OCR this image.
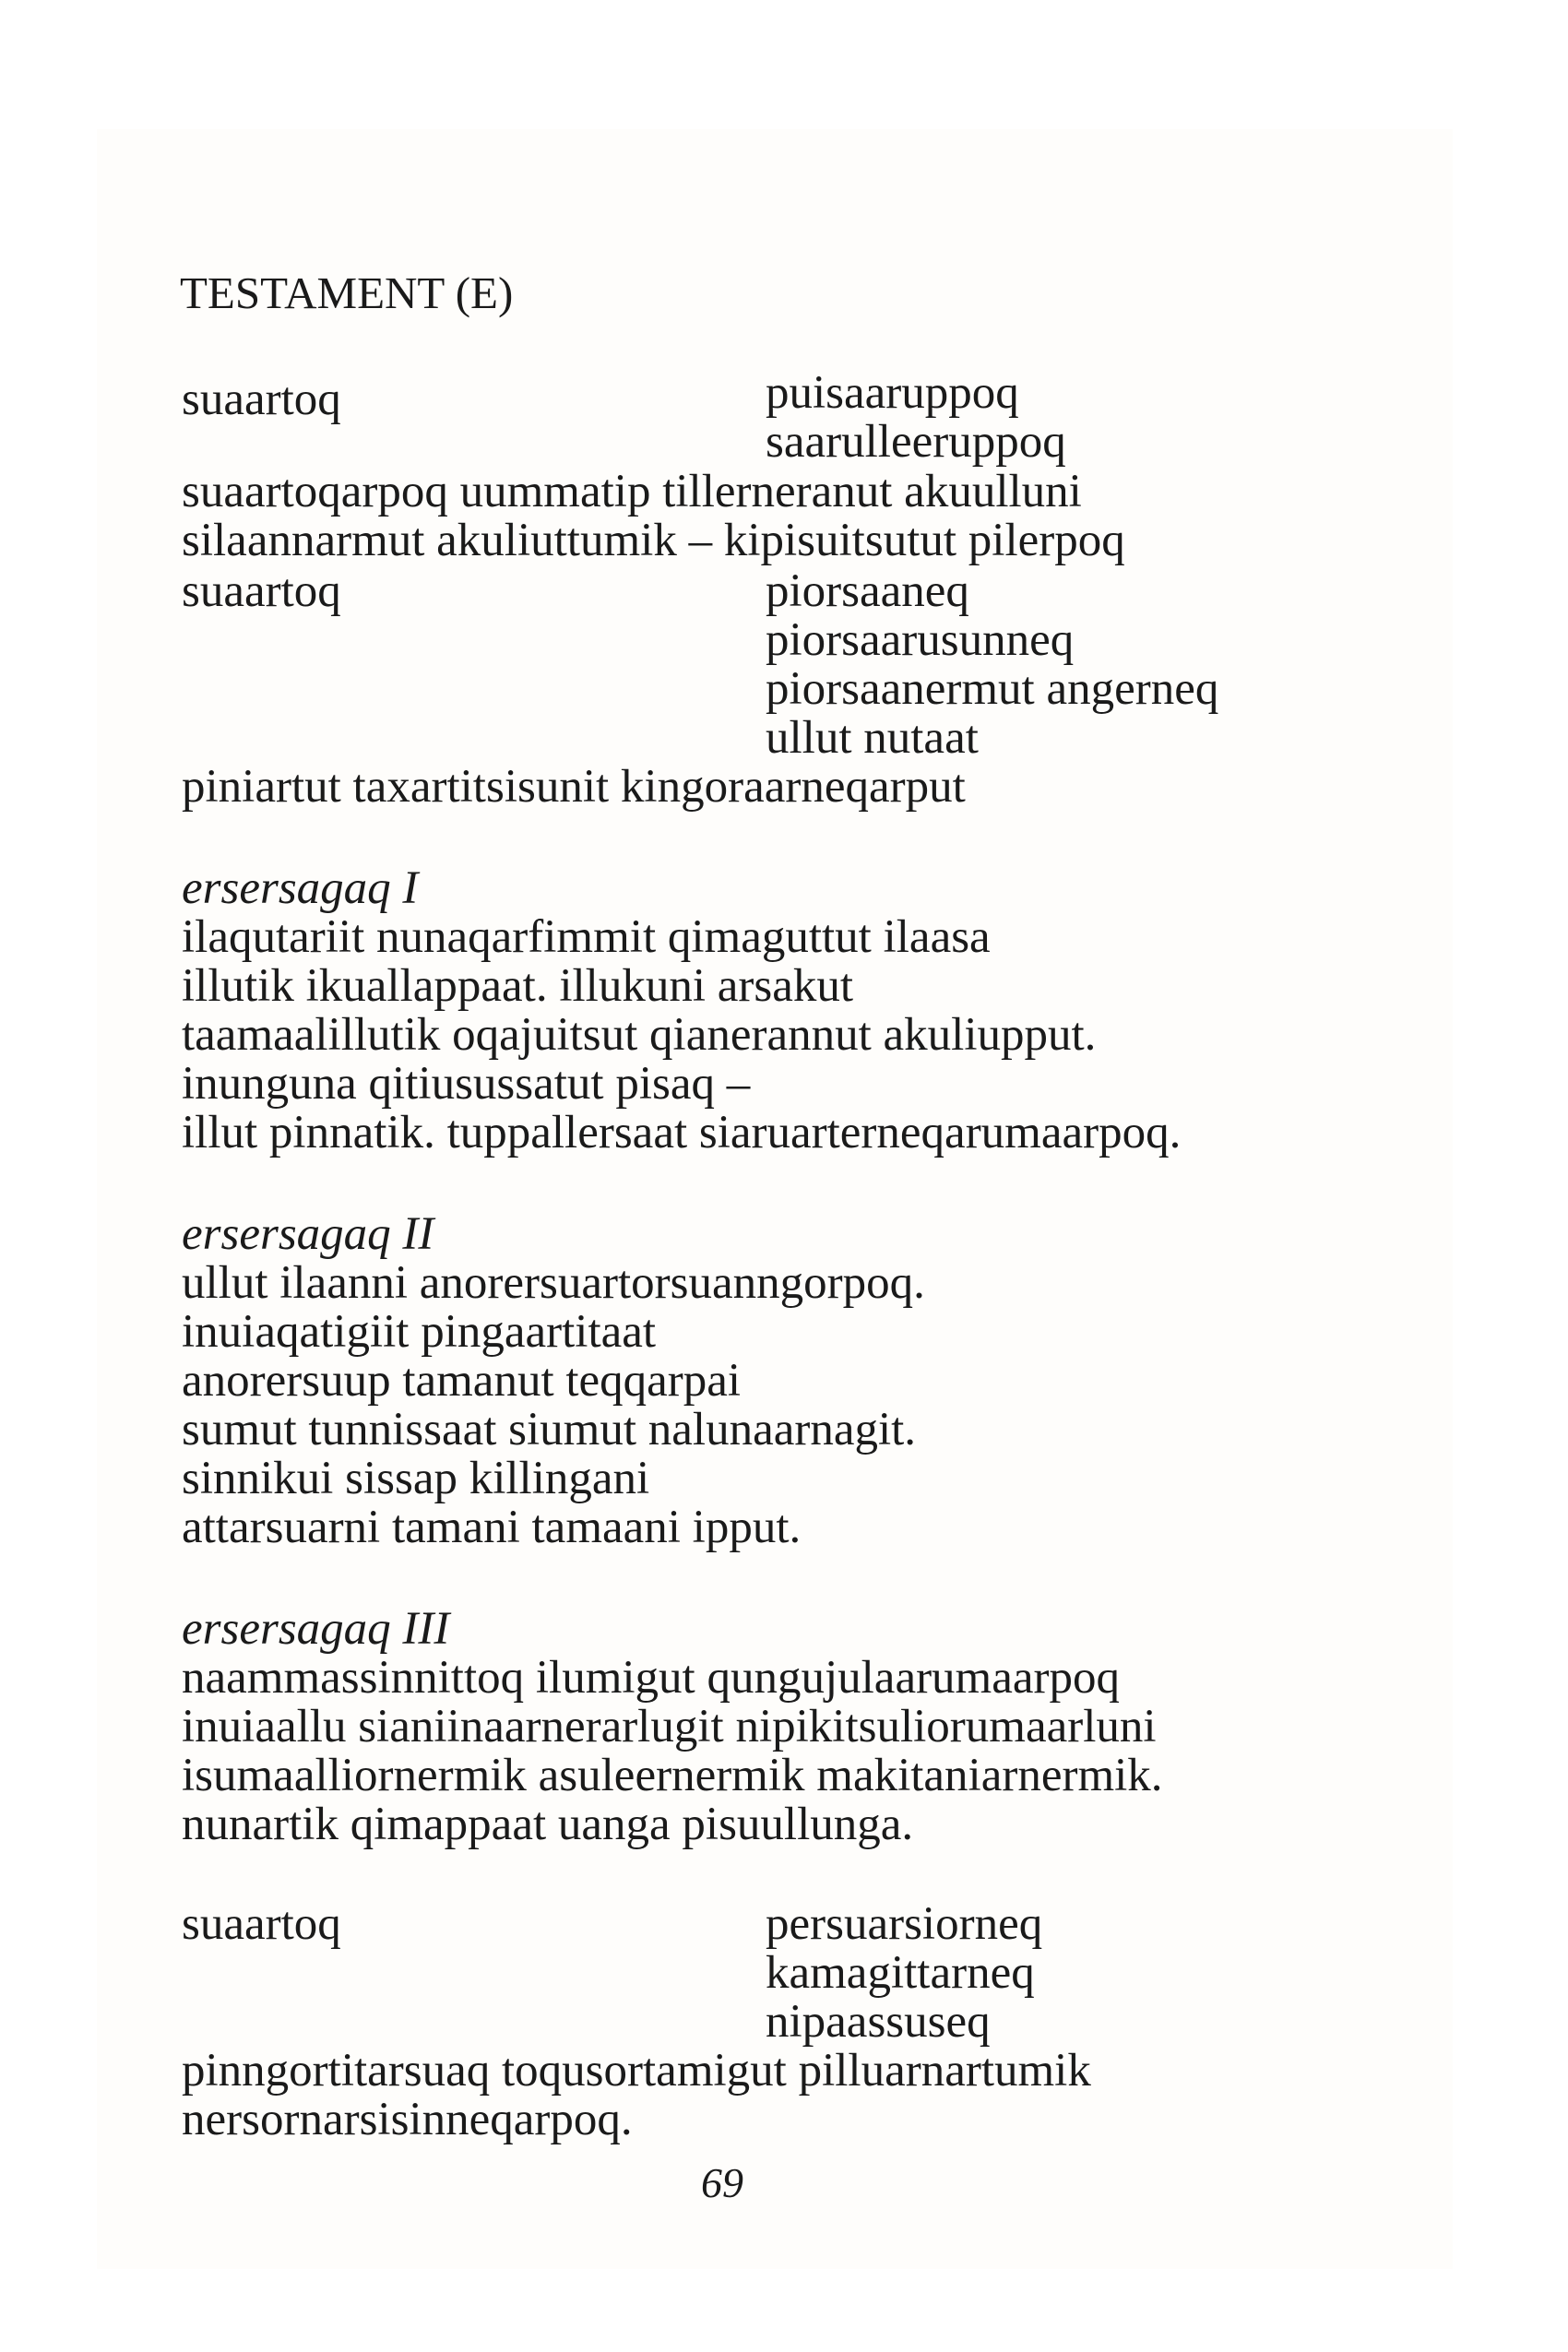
TESTAMENT (E)
suaartoq	puisaaruppoq
saarulleeruppoq
suaartoqarpoq uummatip tillerneranut akuulluni
silaannarmut akuliuttumik – kipisuitsutut pilerpoq
suaartoq	piorsaaneq
piorsaarusunneq
piorsaanermut angerneq
ullut nutaat
piniartut taxartitsisunit kingoraarneqarput
ersersagaq I
ilaqutariit nunaqarfimmit qimaguttut ilaasa
illutik ikuallappaat. illukuni arsakut
taamaalillutik oqajuitsut qianerannut akuliupput.
inunguna qitiusussatut pisaq –
illut pinnatik. tuppallersaat siaruarterneqarumaarpoq.
ersersagaq II
ullut ilaanni anorersuartorsuanngorpoq.
inuiaqatigiit pingaartitaat
anorersuup tamanut teqqarpai
sumut tunnissaat siumut nalunaarnagit.
sinnikui sissap killingani
attarsuarni tamani tamaani ipput.
ersersagaq III
naammassinnittoq ilumigut qungujulaarumaarpoq
inuiaallu sianiinaarnerarlugit nipikitsuliorumaarluni
isumaalliornermik asuleernermik makitaniarnermik.
nunartik qimappaat uanga pisuullunga.
suaartoq	persuarsiorneq
kamagittarneq
nipaassuseq
pinngortitarsuaq toqusortamigut pilluarnartumik
nersornarsisinneqarpoq.
69
